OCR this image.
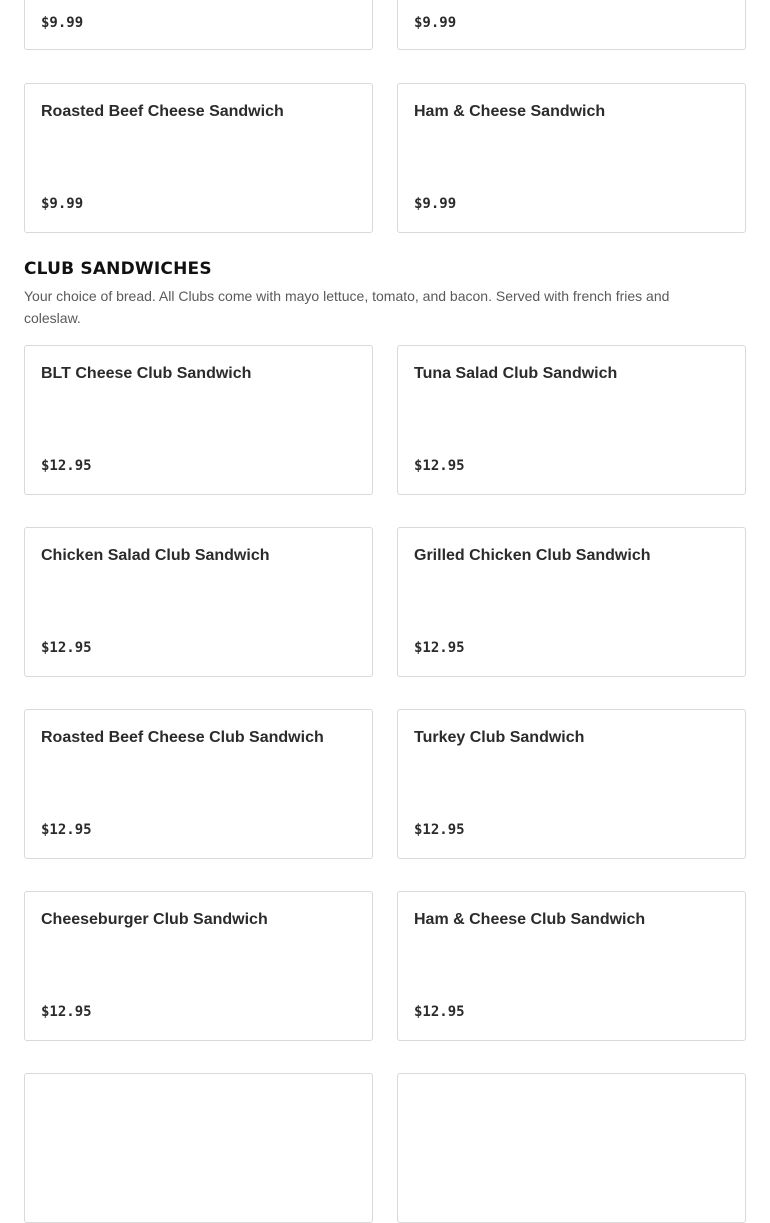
$9.99	$9.99
Roasted Beef Cheese Sandwich
$9.99
Ham & Cheese Sandwich
$9.99
CLUB SANDWICHES

Your choice of bread. All Clubs come with mayo lettuce, tomato, and bacon. Served with french fries and coleslaw.

BLT Cheese Club Sandwich
$12.95
Tuna Salad Club Sandwich
$12.95
Chicken Salad Club Sandwich
$12.95
Grilled Chicken Club Sandwich
$12.95
Roasted Beef Cheese Club Sandwich
$12.95
Turkey Club Sandwich
$12.95
Cheeseburger Club Sandwich
$12.95
Ham & Cheese Club Sandwich
$12.95
